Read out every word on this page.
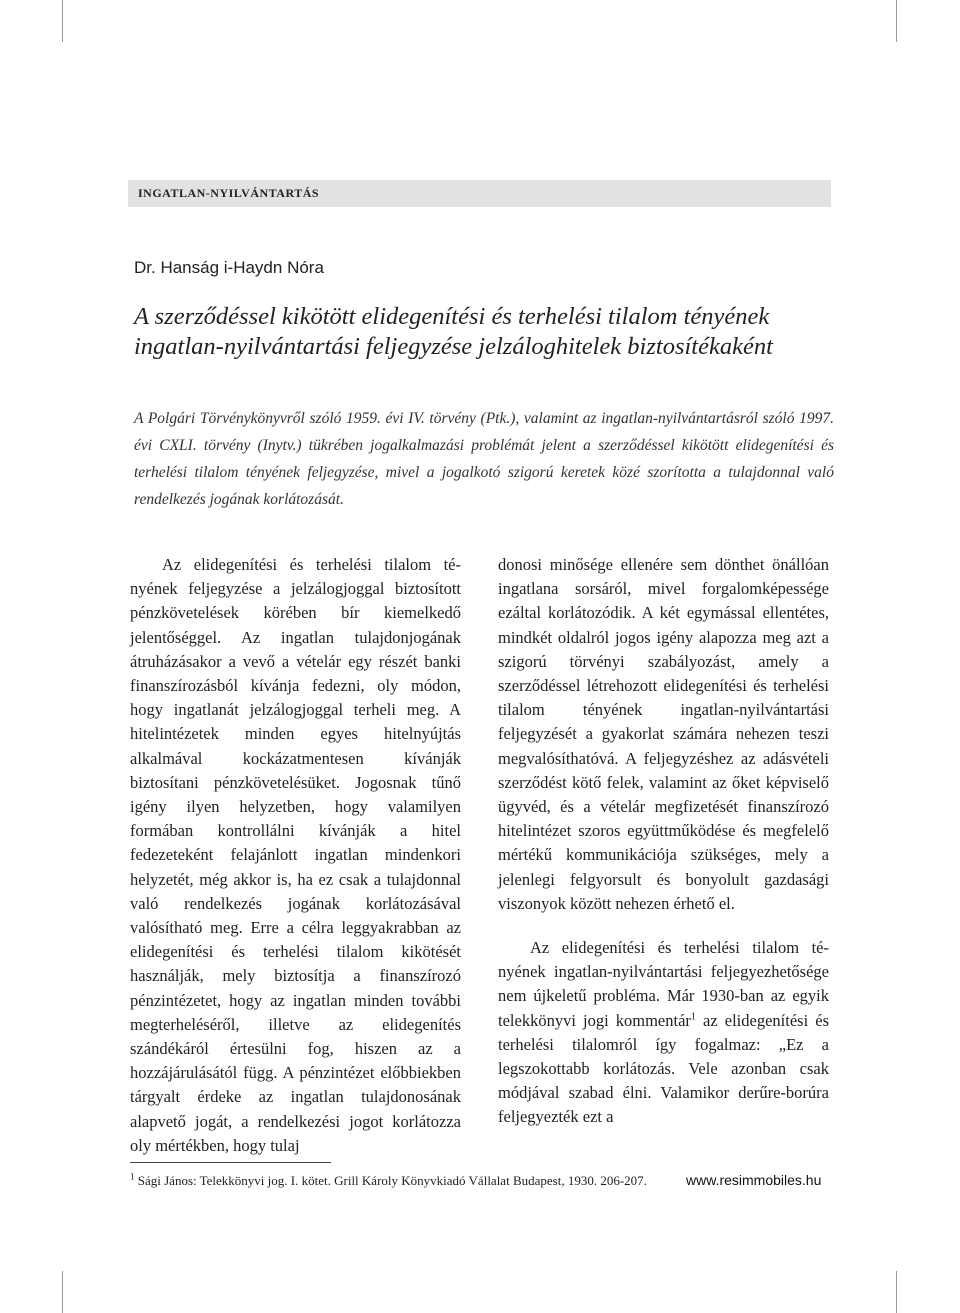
INGATLAN-NYILVÁNTARTÁS
Dr. Hanság i-Haydn Nóra
A szerződéssel kikötött elidegenítési és terhelési tilalom tényének
ingatlan-nyilvántartási feljegyzése jelzáloghitelek biztosítékaként

A Polgári Törvénykönyvről szóló 1959. évi IV. törvény (Ptk.), valamint az ingatlan-nyilvántartásról szóló 1997. évi CXLI. törvény (Inytv.) tükrében jogalkalmazási problémát jelent a szerződéssel kikötött elidegenítési és terhelési tilalom tényének feljegyzése, mivel a jogalkotó szigorú keretek közé szorította a tulajdonnal való rendelkezés jogának korlátozását.

Az elidegenítési és terhelési tilalom tényének feljegyzése a jelzálogjoggal biztosított pénzkövetelések körében bír kiemelkedő jelentőséggel. Az ingatlan tulajdonjogának átruházásakor a vevő a vételár egy részét banki finanszírozásból kívánja fedezni, oly módon, hogy ingatlanát jelzálogjoggal terheli meg. A hitelintézetek minden egyes hitelnyújtás alkalmával kockázatmentesen kívánják biztosítani pénzkövetelésüket. Jogosnak tűnő igény ilyen helyzetben, hogy valamilyen formában kontrollálni kívánják a hitel fedezeteként felajánlott ingatlan mindenkori helyzetét, még akkor is, ha ez csak a tulajdonnal való rendelkezés jogának korlátozásával valósítható meg. Erre a célra leggyakrabban az elidegenítési és terhelési tilalom kikötését használják, mely biztosítja a finanszírozó pénzintézetet, hogy az ingatlan minden további megterheléséről, illetve az elidegenítés szándékáról értesülni fog, hiszen az a hozzájárulásától függ. A pénzintézet előbbiekben tárgyalt érdeke az ingatlan tulajdonosának alapvető jogát, a rendelkezési jogot korlátozza oly mértékben, hogy tulaj

donosi minősége ellenére sem dönthet önállóan ingatlana sorsáról, mivel forgalomképessége ezáltal korlátozódik. A két egymással ellentétes, mindkét oldalról jogos igény alapozza meg azt a szigorú törvényi szabályozást, amely a szerződéssel létrehozott elidegenítési és terhelési tilalom tényének ingatlan-nyilvántartási feljegyzését a gyakorlat számára nehezen teszi megvalósíthatóvá. A feljegyzéshez az adásvételi szerződést kötő felek, valamint az őket képviselő ügyvéd, és a vételár megfizetését finanszírozó hitelintézet szoros együttműködése és megfelelő mértékű kommunikációja szükséges, mely a jelenlegi felgyorsult és bonyolult gazdasági viszonyok között nehezen érhető el.

Az elidegenítési és terhelési tilalom tényének ingatlan-nyilvántartási feljegyezhetősége nem újkeletű probléma. Már 1930-ban az egyik telekkönyvi jogi kommentár$^1$ az elidegenítési és terhelési tilalomról így fogalmaz: „Ez a legszokottabb korlátozás. Vele azonban csak módjával szabad élni. Valamikor derűre-borúra feljegyezték ezt a

$^1$ Sági János: Telekkönyvi jog. I. kötet. Grill Károly Könyvkiadó Vállalat Budapest, 1930. 206-207.	www.resimmobiles.hu
